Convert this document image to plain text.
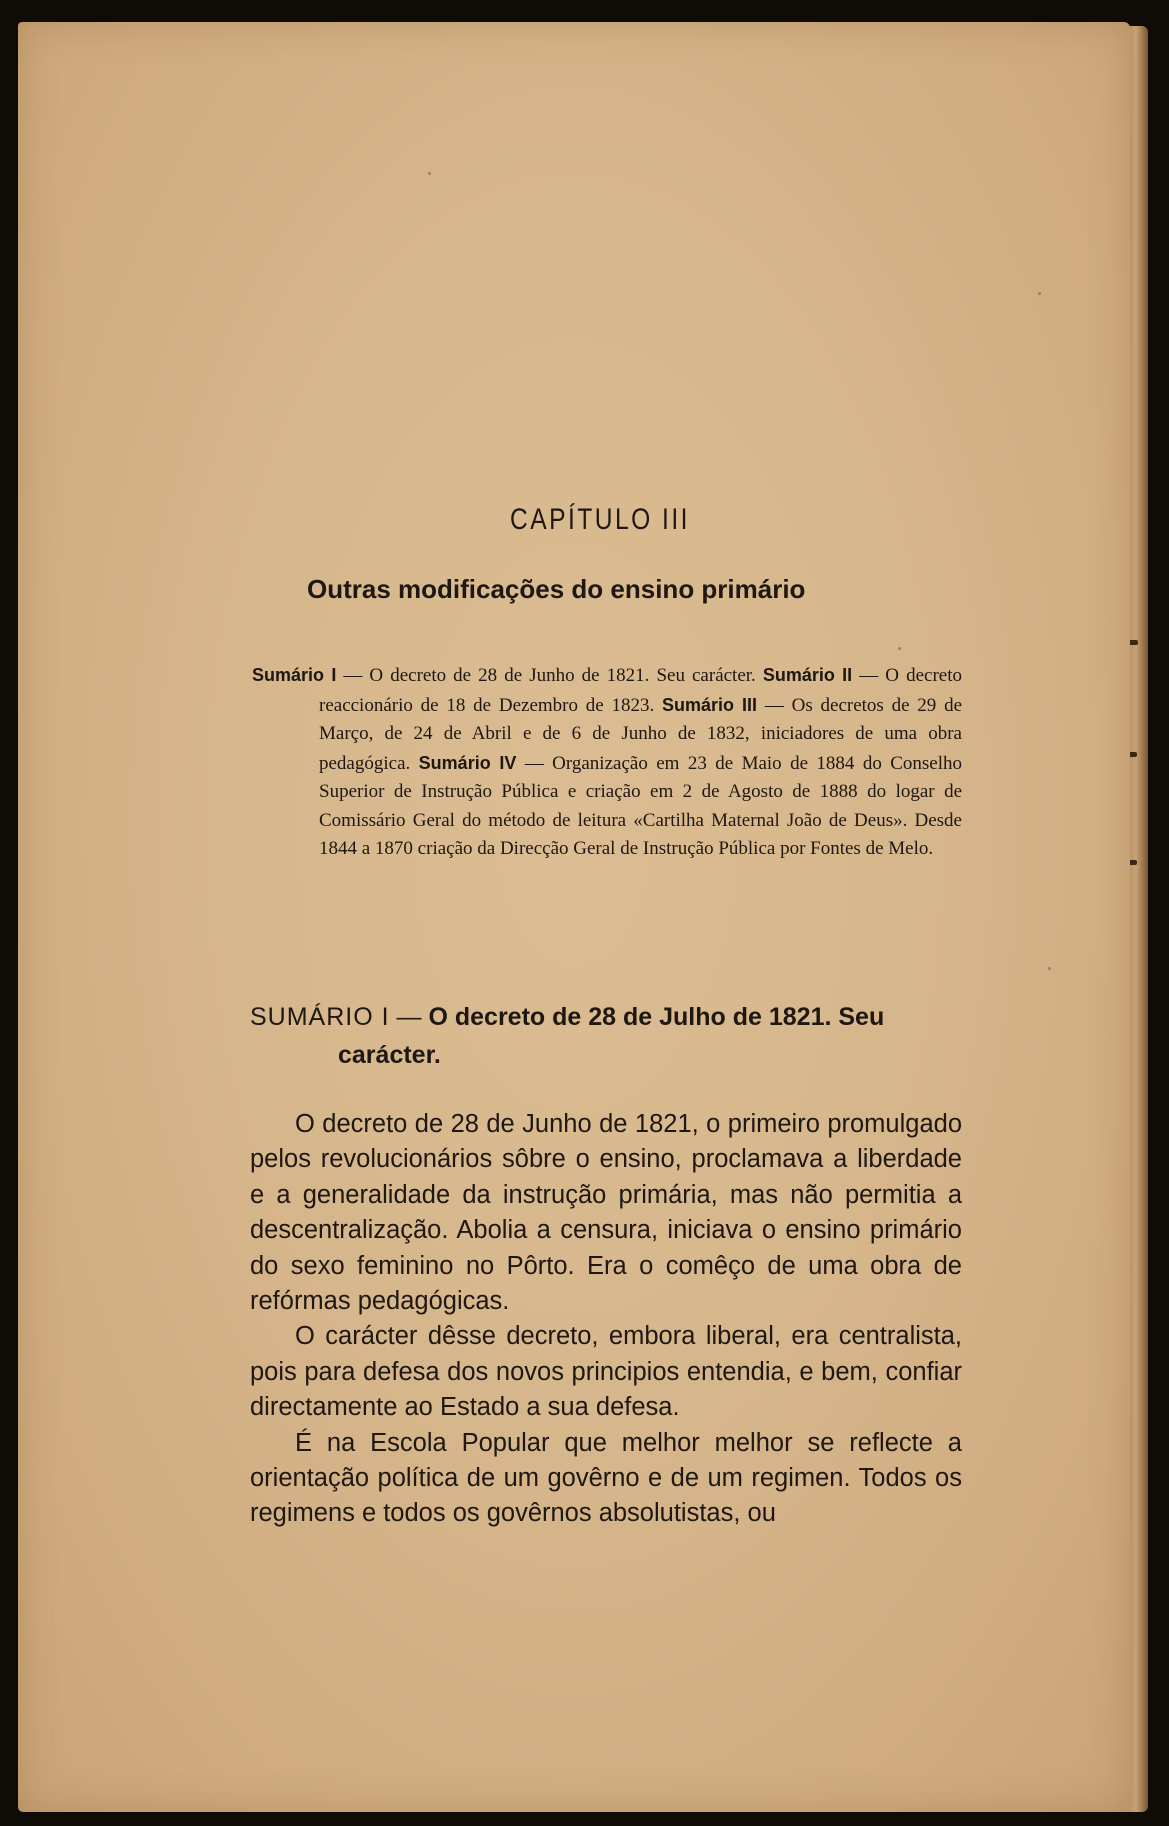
CAPÍTULO III
Outras modificações do ensino primário
Sumário I — O decreto de 28 de Junho de 1821. Seu carácter. Sumário II — O decreto reaccionário de 18 de Dezembro de 1823. Sumário III — Os decretos de 29 de Março, de 24 de Abril e de 6 de Junho de 1832, iniciadores de uma obra pedagógica. Sumário IV — Organização em 23 de Maio de 1884 do Conselho Superior de Instrução Pública e criação em 2 de Agosto de 1888 do logar de Comissário Geral do método de leitura «Cartilha Maternal João de Deus». Desde 1844 a 1870 criação da Direcção Geral de Instrução Pública por Fontes de Melo.
SUMÁRIO I — O decreto de 28 de Julho de 1821. Seu
carácter.

O decreto de 28 de Junho de 1821, o primeiro promulgado pelos revolucionários sôbre o ensino, proclamava a liberdade e a generalidade da instrução primária, mas não permitia a descentralização. Abolia a censura, iniciava o ensino primário do sexo feminino no Pôrto. Era o comêço de uma obra de refórmas pedagógicas.

O carácter dêsse decreto, embora liberal, era centralista, pois para defesa dos novos principios entendia, e bem, confiar directamente ao Estado a sua defesa.

É na Escola Popular que melhor melhor se reflecte a orientação política de um govêrno e de um regimen. Todos os regimens e todos os govêrnos absolutistas, ou
